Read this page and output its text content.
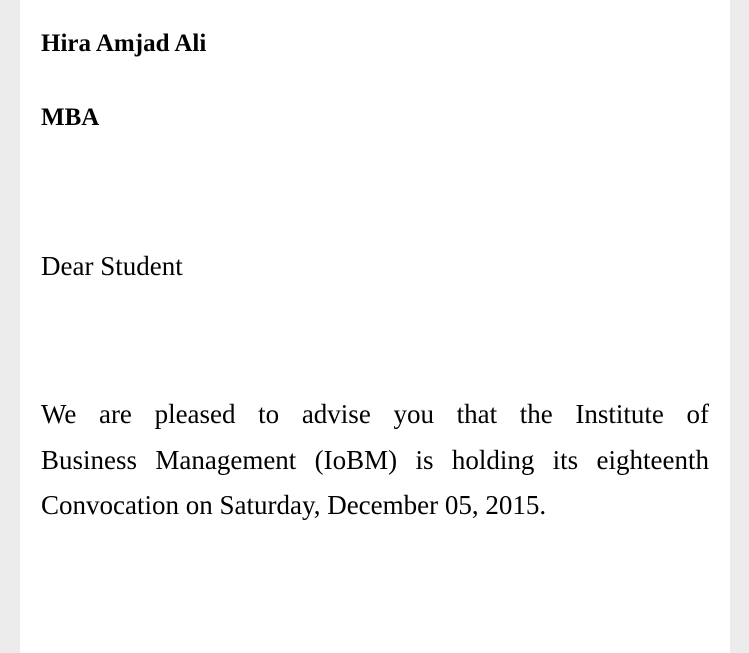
Hira Amjad Ali

MBA

Dear Student

We are pleased to advise you that the Institute of
Business Management (IoBM) is holding its eighteenth
Convocation on Saturday, December 05, 2015.
